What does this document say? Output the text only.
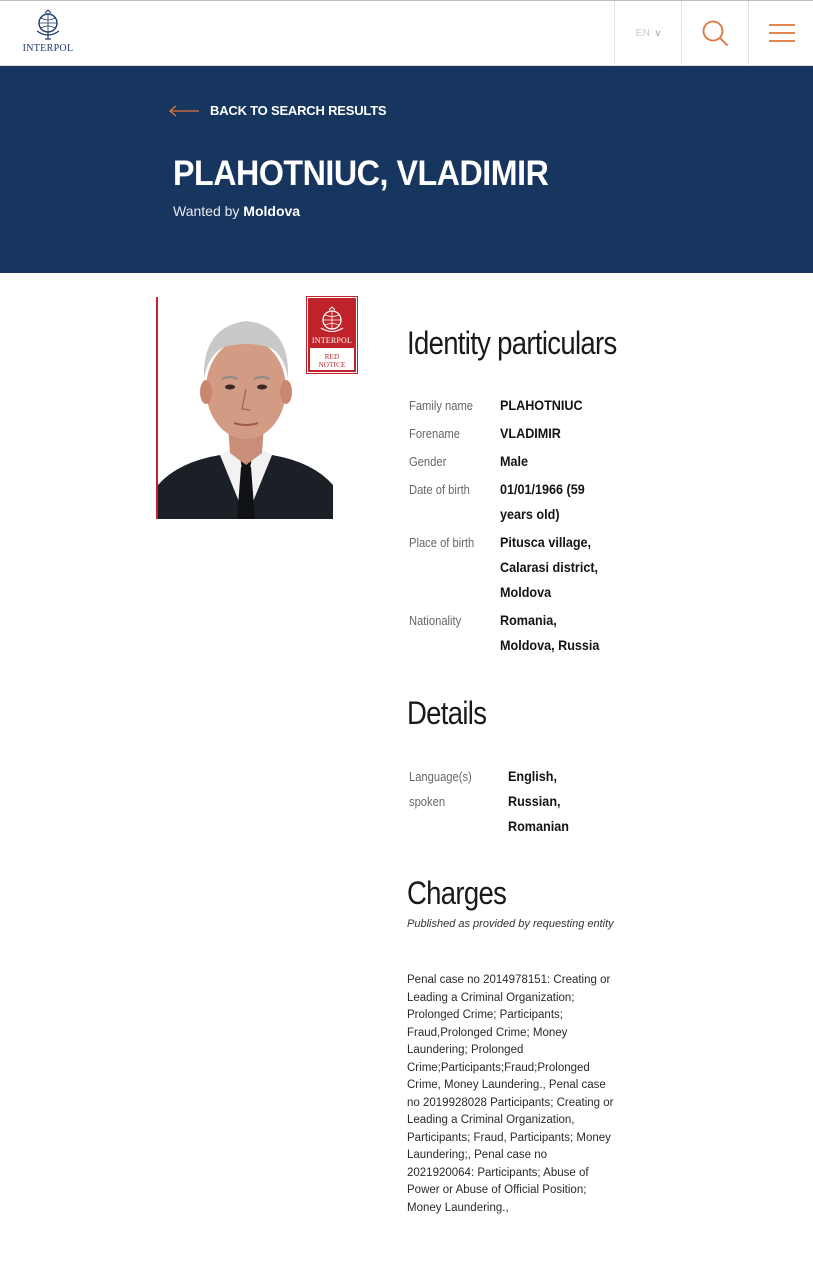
INTERPOL
EN v
BACK TO SEARCH RESULTS
PLAHOTNIUC, VLADIMIR
Wanted by Moldova
INTERPOL
RED
NOTICE
Identity particulars
Family name PLAHOTNIUC
Forename	VLADIMIR
Gender	Male
Date of birth 01/01/1966 (59 years old)
Place of birth Pitusca village, Calarasi district, Moldova
Nationality	Romania, Moldova, Russia
Details
Language(s) spoken
English, Russian, Romanian
Charges
Published as provided by requesting entity
Penal case no 2014978151: Creating or Leading a Criminal Organization; Prolonged Crime; Participants; Fraud,Prolonged Crime; Money Laundering; Prolonged Crime;Participants;Fraud;Prolonged Crime, Money Laundering., Penal case no 2019928028 Participants; Creating or Leading a Criminal Organization, Participants; Fraud, Participants; Money Laundering;, Penal case no 2021920064: Participants; Abuse of Power or Abuse of Official Position; Money Laundering.,
